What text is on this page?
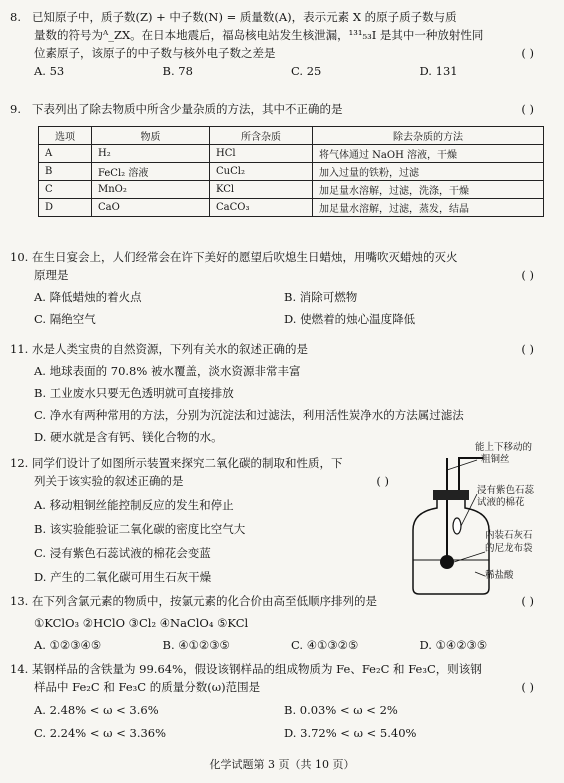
8. 已知原子中，质子数(Z) + 中子数(N) = 质量数(A)，表示元素 X 的原子质子数与质
量数的符号为ᴬ_ZX。在日本地震后，福岛核电站发生核泄漏，¹³¹₅₃I 是其中一种放射性同
位素原子，该原子的中子数与核外电子数之差是	( )
A. 53	B. 78	C. 25	D. 131
9. 下表列出了除去物质中所含少量杂质的方法，其中不正确的是	( )
选项	物质	所含杂质	除去杂质的方法
A	H₂	HCl	将气体通过 NaOH 溶液，干燥
B	FeCl₂ 溶液	CuCl₂	加入过量的铁粉，过滤
C	MnO₂	KCl	加足量水溶解，过滤，洗涤，干燥
D	CaO	CaCO₃	加足量水溶解，过滤，蒸发，结晶
10. 在生日宴会上，人们经常会在许下美好的愿望后吹熄生日蜡烛，用嘴吹灭蜡烛的灭火
原理是	( )
A. 降低蜡烛的着火点	B. 消除可燃物
C. 隔绝空气	D. 使燃着的烛心温度降低
11. 水是人类宝贵的自然资源，下列有关水的叙述正确的是	( )
A. 地球表面的 70.8% 被水覆盖，淡水资源非常丰富
B. 工业废水只要无色透明就可直接排放
C. 净水有两种常用的方法，分别为沉淀法和过滤法，利用活性炭净水的方法属过滤法
D. 硬水就是含有钙、镁化合物的水。
12. 同学们设计了如图所示装置来探究二氧化碳的制取和性质，下
列关于该实验的叙述正确的是	( )
A. 移动粗铜丝能控制反应的发生和停止
B. 该实验能验证二氧化碳的密度比空气大
C. 浸有紫色石蕊试液的棉花会变蓝
D. 产生的二氧化碳可用生石灰干燥
能上下移动的
粗铜丝
浸有紫色石蕊
试液的棉花
内装石灰石
的尼龙布袋
稀盐酸
13. 在下列含氯元素的物质中，按氯元素的化合价由高至低顺序排列的是	( )
①KClO₃ ②HClO ③Cl₂ ④NaClO₄ ⑤KCl
A. ①②③④⑤	B. ④①②③⑤	C. ④①③②⑤	D. ①④②③⑤
14. 某钢样品的含铁量为 99.64%，假设该钢样品的组成物质为 Fe、Fe₂C 和 Fe₃C，则该钢
样品中 Fe₂C 和 Fe₃C 的质量分数(ω)范围是	( )
A. 2.48% < ω < 3.6%	B. 0.03% < ω < 2%
C. 2.24% < ω < 3.36%	D. 3.72% < ω < 5.40%
化学试题第 3 页（共 10 页）
